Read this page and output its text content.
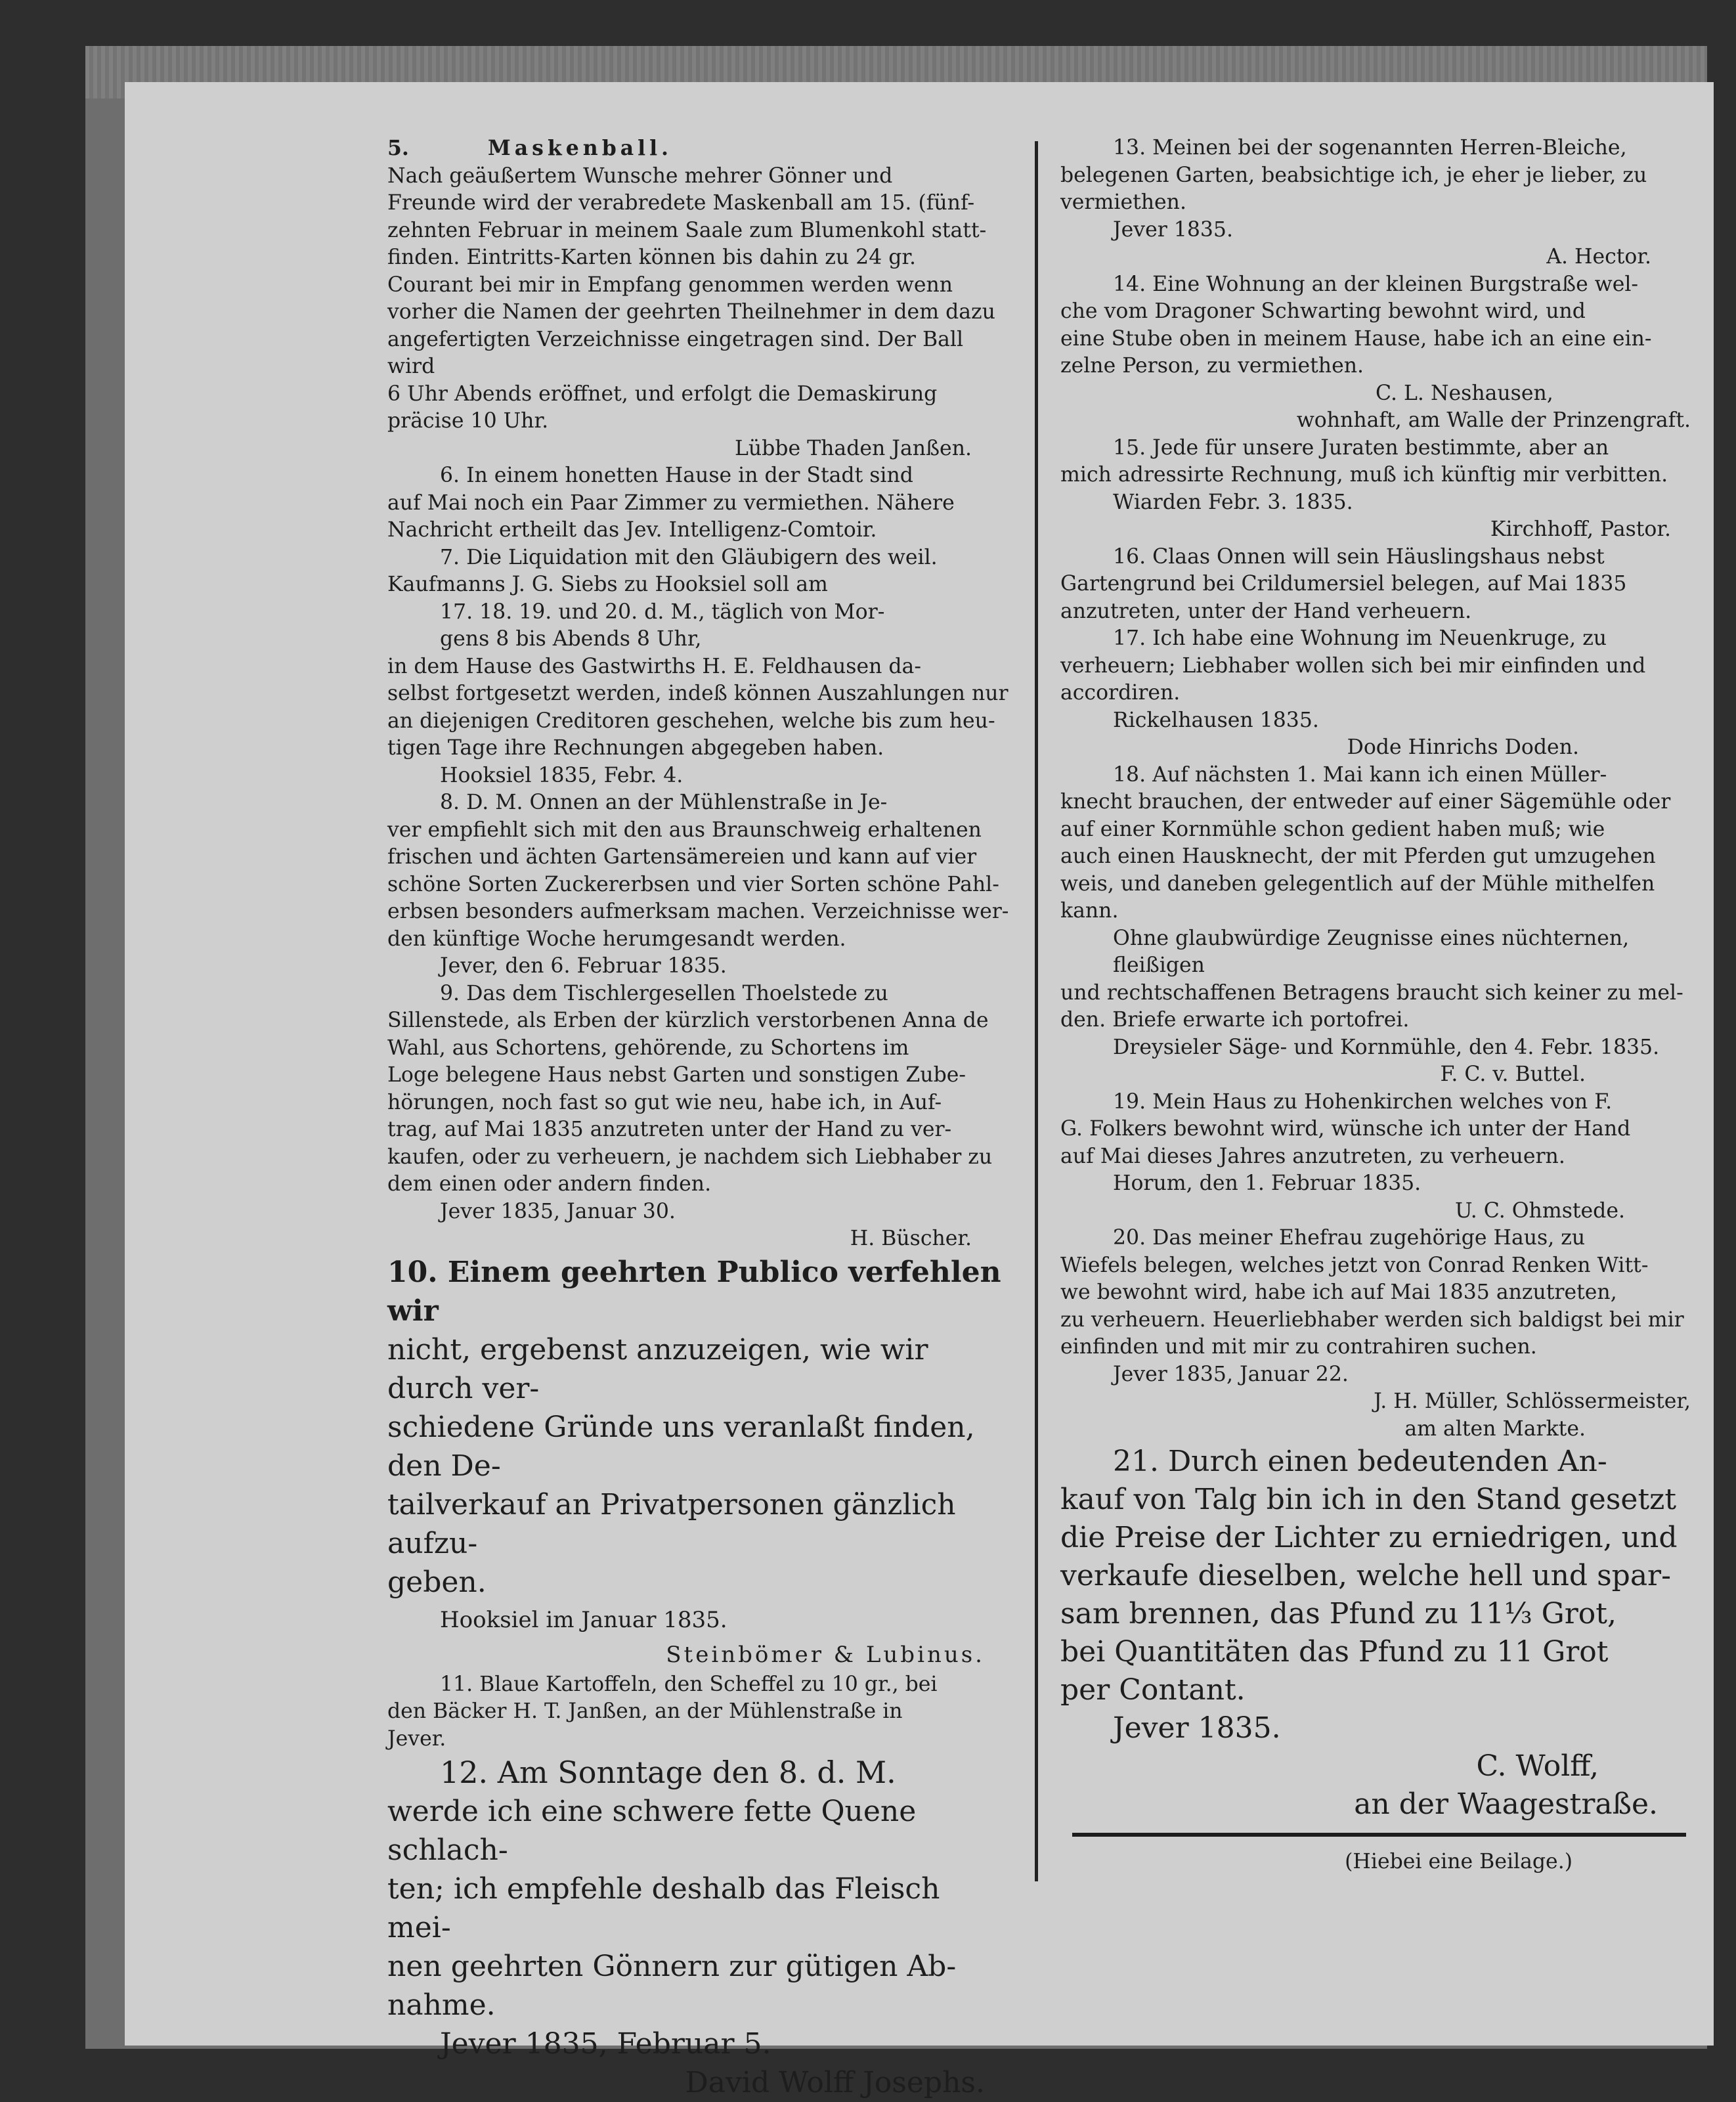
5.	Maskenball.
Nach geäußertem Wunsche mehrer Gönner und
Freunde wird der verabredete Maskenball am 15. (fünf-
zehnten Februar in meinem Saale zum Blumenkohl statt-
finden. Eintritts-Karten können bis dahin zu 24 gr.
Courant bei mir in Empfang genommen werden wenn
vorher die Namen der geehrten Theilnehmer in dem dazu
angefertigten Verzeichnisse eingetragen sind. Der Ball wird
6 Uhr Abends eröffnet, und erfolgt die Demaskirung
präcise 10 Uhr.
Lübbe Thaden Janßen.
6. In einem honetten Hause in der Stadt sind
auf Mai noch ein Paar Zimmer zu vermiethen. Nähere
Nachricht ertheilt das Jev. Intelligenz-Comtoir.
7. Die Liquidation mit den Gläubigern des weil.
Kaufmanns J. G. Siebs zu Hooksiel soll am
17. 18. 19. und 20. d. M., täglich von Mor-
gens 8 bis Abends 8 Uhr,
in dem Hause des Gastwirths H. E. Feldhausen da-
selbst fortgesetzt werden, indeß können Auszahlungen nur
an diejenigen Creditoren geschehen, welche bis zum heu-
tigen Tage ihre Rechnungen abgegeben haben.
Hooksiel 1835, Febr. 4.
8. D. M. Onnen an der Mühlenstraße in Je-
ver empfiehlt sich mit den aus Braunschweig erhaltenen
frischen und ächten Gartensämereien und kann auf vier
schöne Sorten Zuckererbsen und vier Sorten schöne Pahl-
erbsen besonders aufmerksam machen. Verzeichnisse wer-
den künftige Woche herumgesandt werden.
Jever, den 6. Februar 1835.
9. Das dem Tischlergesellen Thoelstede zu
Sillenstede, als Erben der kürzlich verstorbenen Anna de
Wahl, aus Schortens, gehörende, zu Schortens im
Loge belegene Haus nebst Garten und sonstigen Zube-
hörungen, noch fast so gut wie neu, habe ich, in Auf-
trag, auf Mai 1835 anzutreten unter der Hand zu ver-
kaufen, oder zu verheuern, je nachdem sich Liebhaber zu
dem einen oder andern finden.
Jever 1835, Januar 30.
H. Büscher.
10. Einem geehrten Publico verfehlen wir
nicht, ergebenst anzuzeigen, wie wir durch ver-
schiedene Gründe uns veranlaßt finden, den De-
tailverkauf an Privatpersonen gänzlich aufzu-
geben.
Hooksiel im Januar 1835.
Steinbömer & Lubinus.
11. Blaue Kartoffeln, den Scheffel zu 10 gr., bei
den Bäcker H. T. Janßen, an der Mühlenstraße in
Jever.
12. Am Sonntage den 8. d. M.
werde ich eine schwere fette Quene schlach-
ten; ich empfehle deshalb das Fleisch mei-
nen geehrten Gönnern zur gütigen Ab-
nahme.
Jever 1835, Februar 5.
David Wolff Josephs.
13. Meinen bei der sogenannten Herren-Bleiche,
belegenen Garten, beabsichtige ich, je eher je lieber, zu
vermiethen.
Jever 1835.
A. Hector.
14. Eine Wohnung an der kleinen Burgstraße wel-
che vom Dragoner Schwarting bewohnt wird, und
eine Stube oben in meinem Hause, habe ich an eine ein-
zelne Person, zu vermiethen.
C. L. Neshausen,
wohnhaft, am Walle der Prinzengraft.
15. Jede für unsere Juraten bestimmte, aber an
mich adressirte Rechnung, muß ich künftig mir verbitten.
Wiarden Febr. 3. 1835.
Kirchhoff, Pastor.
16. Claas Onnen will sein Häuslingshaus nebst
Gartengrund bei Crildumersiel belegen, auf Mai 1835
anzutreten, unter der Hand verheuern.
17. Ich habe eine Wohnung im Neuenkruge, zu
verheuern; Liebhaber wollen sich bei mir einfinden und
accordiren.
Rickelhausen 1835.
Dode Hinrichs Doden.
18. Auf nächsten 1. Mai kann ich einen Müller-
knecht brauchen, der entweder auf einer Sägemühle oder
auf einer Kornmühle schon gedient haben muß; wie
auch einen Hausknecht, der mit Pferden gut umzugehen
weis, und daneben gelegentlich auf der Mühle mithelfen
kann.
Ohne glaubwürdige Zeugnisse eines nüchternen, fleißigen
und rechtschaffenen Betragens braucht sich keiner zu mel-
den. Briefe erwarte ich portofrei.
Dreysieler Säge- und Kornmühle, den 4. Febr. 1835.
F. C. v. Buttel.
19. Mein Haus zu Hohenkirchen welches von F.
G. Folkers bewohnt wird, wünsche ich unter der Hand
auf Mai dieses Jahres anzutreten, zu verheuern.
Horum, den 1. Februar 1835.
U. C. Ohmstede.
20. Das meiner Ehefrau zugehörige Haus, zu
Wiefels belegen, welches jetzt von Conrad Renken Witt-
we bewohnt wird, habe ich auf Mai 1835 anzutreten,
zu verheuern. Heuerliebhaber werden sich baldigst bei mir
einfinden und mit mir zu contrahiren suchen.
Jever 1835, Januar 22.
J. H. Müller, Schlössermeister,
am alten Markte.
21. Durch einen bedeutenden An-
kauf von Talg bin ich in den Stand gesetzt
die Preise der Lichter zu erniedrigen, und
verkaufe dieselben, welche hell und spar-
sam brennen, das Pfund zu 11⅓ Grot,
bei Quantitäten das Pfund zu 11 Grot
per Contant.
Jever 1835.
C. Wolff,
an der Waagestraße.
(Hiebei eine Beilage.)
